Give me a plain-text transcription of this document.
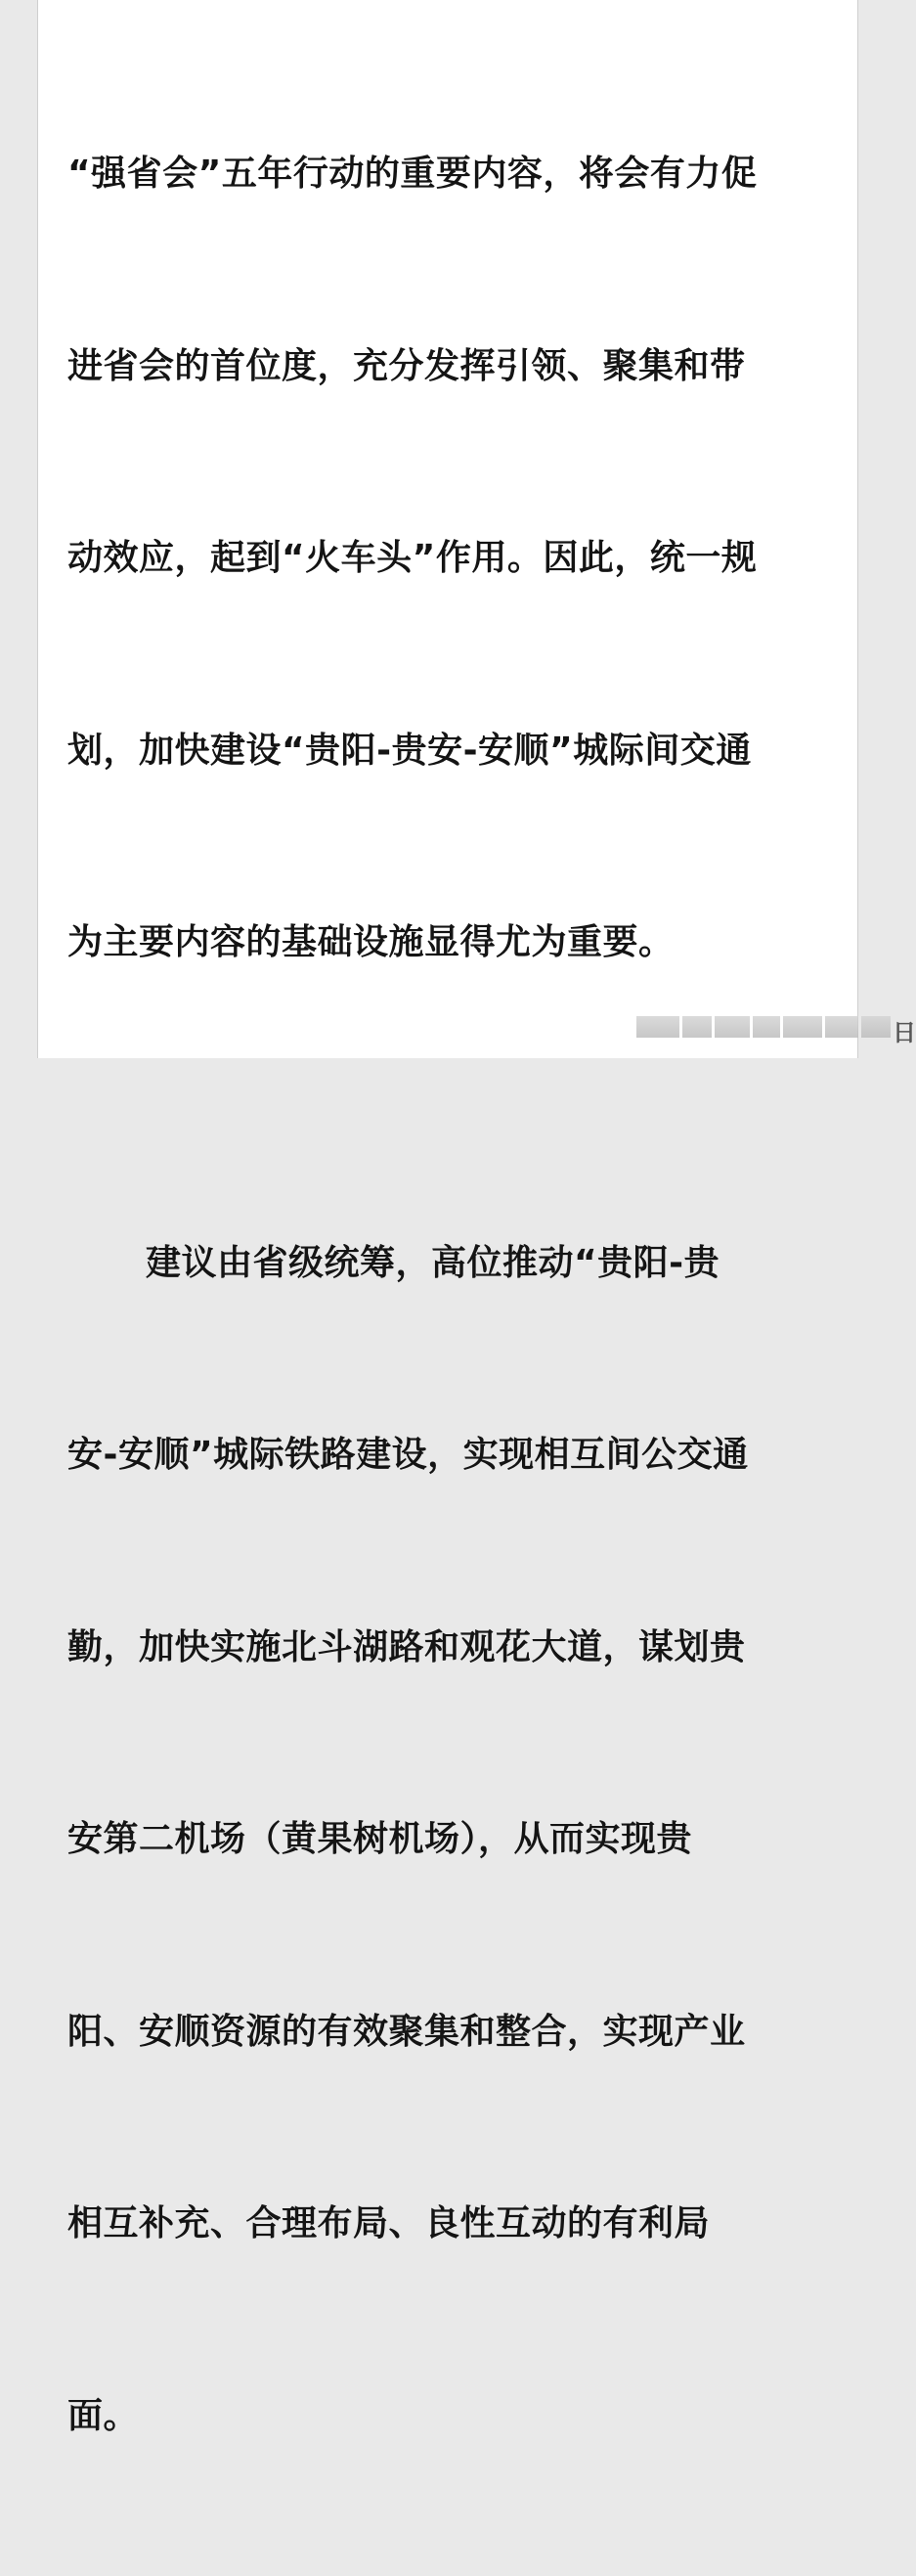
“强省会”五年行动的重要内容，将会有力促

进省会的首位度，充分发挥引领、聚集和带

动效应，起到“火车头”作用。因此，统一规

划，加快建设“贵阳-贵安-安顺”城际间交通

为主要内容的基础设施显得尤为重要。

建议由省级统筹，高位推动“贵阳-贵

安-安顺”城际铁路建设，实现相互间公交通

勤，加快实施北斗湖路和观花大道，谋划贵

安第二机场（黄果树机场），从而实现贵

阳、安顺资源的有效聚集和整合，实现产业

相互补充、合理布局、良性互动的有利局

面。

日
